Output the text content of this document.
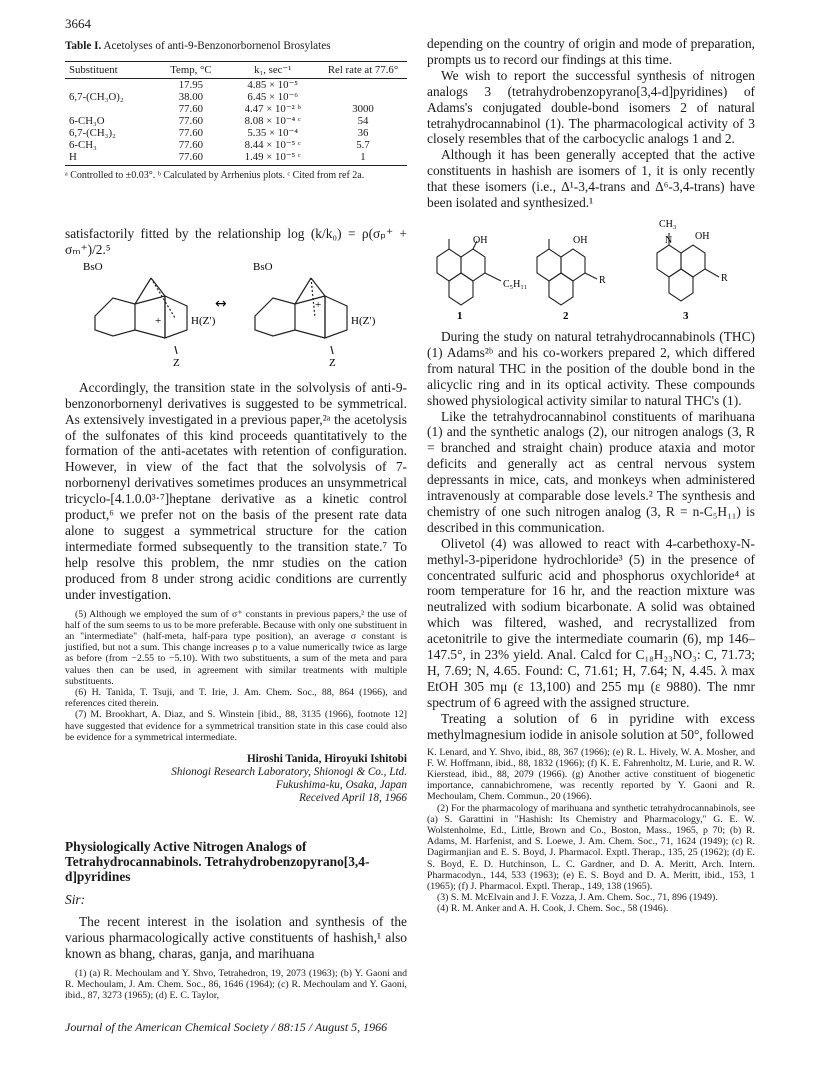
3664
Table I. Acetolyses of anti-9-Benzonorbornenol Brosylates
Substituent	Temp, °C	k₁, sec⁻¹	Rel rate at 77.6°
	17.95	4.85 × 10⁻⁵	
6,7-(CH₃O)₂	38.00	6.45 × 10⁻⁶	
	77.60	4.47 × 10⁻² ᵇ	3000
6-CH₃O	77.60	8.08 × 10⁻⁴ ᶜ	54
6,7-(CH₃)₂	77.60	5.35 × 10⁻⁴	36
6-CH₃	77.60	8.44 × 10⁻⁵ ᶜ	5.7
H	77.60	1.49 × 10⁻⁵ ᶜ	1

ᵃ Controlled to ±0.03°. ᵇ Calculated by Arrhenius plots. ᶜ Cited from ref 2a.

satisfactorily fitted by the relationship log (k/k₀) = ρ(σₚ⁺ + σₘ⁺)/2.⁵

BsO	BsO
+
+
H(Z′)	H(Z′)
Z	Z
↔

Accordingly, the transition state in the solvolysis of anti-9-benzonorbornenyl derivatives is suggested to be symmetrical. As extensively investigated in a previous paper,²ᵃ the acetolysis of the sulfonates of this kind proceeds quantitatively to the formation of the anti-acetates with retention of configuration. However, in view of the fact that the solvolysis of 7-norbornenyl derivatives sometimes produces an unsymmetrical tricyclo-[4.1.0.0³·⁷]heptane derivative as a kinetic control product,⁶ we prefer not on the basis of the present rate data alone to suggest a symmetrical structure for the cation intermediate formed subsequently to the transition state.⁷ To help resolve this problem, the nmr studies on the cation produced from 8 under strong acidic conditions are currently under investigation.

(5) Although we employed the sum of σ⁺ constants in previous papers,² the use of half of the sum seems to us to be more preferable. Because with only one substituent in an "intermediate" (half-meta, half-para type position), an average σ constant is justified, but not a sum. This change increases ρ to a value numerically twice as large as before (from −2.55 to −5.10). With two substituents, a sum of the meta and para values then can be used, in agreement with similar treatments with multiple substituents.

(6) H. Tanida, T. Tsuji, and T. Irie, J. Am. Chem. Soc., 88, 864 (1966), and references cited therein.

(7) M. Brookhart, A. Diaz, and S. Winstein [ibid., 88, 3135 (1966), footnote 12] have suggested that evidence for a symmetrical transition state in this case could also be evidence for a symmetrical intermediate.

Hiroshi Tanida, Hiroyuki Ishitobi
Shionogi Research Laboratory, Shionogi & Co., Ltd.
Fukushima-ku, Osaka, Japan
Received April 18, 1966
Physiologically Active Nitrogen Analogs of Tetrahydrocannabinols. Tetrahydrobenzopyrano[3,4-d]pyridines
Sir:

The recent interest in the isolation and synthesis of the various pharmacologically active constituents of hashish,¹ also known as bhang, charas, ganja, and marihuana

(1) (a) R. Mechoulam and Y. Shvo, Tetrahedron, 19, 2073 (1963); (b) Y. Gaoni and R. Mechoulam, J. Am. Chem. Soc., 86, 1646 (1964); (c) R. Mechoulam and Y. Gaoni, ibid., 87, 3273 (1965); (d) E. C. Taylor,

depending on the country of origin and mode of preparation, prompts us to record our findings at this time.

We wish to report the successful synthesis of nitrogen analogs 3 (tetrahydrobenzopyrano[3,4-d]pyridines) of Adams's conjugated double-bond isomers 2 of natural tetrahydrocannabinol (1). The pharmacological activity of 3 closely resembles that of the carbocyclic analogs 1 and 2.

Although it has been generally accepted that the active constituents in hashish are isomers of 1, it is only recently that these isomers (i.e., Δ¹-3,4-trans and Δ⁶-3,4-trans) have been isolated and synthesized.¹

OH
C₅H₁₁
OH
R
CH₃
N OH
R
1	2	3

During the study on natural tetrahydrocannabinols (THC) (1) Adams²ᵇ and his co-workers prepared 2, which differed from natural THC in the position of the double bond in the alicyclic ring and in its optical activity. These compounds showed physiological activity similar to natural THC's (1).

Like the tetrahydrocannabinol constituents of marihuana (1) and the synthetic analogs (2), our nitrogen analogs (3, R = branched and straight chain) produce ataxia and motor deficits and generally act as central nervous system depressants in mice, cats, and monkeys when administered intravenously at comparable dose levels.² The synthesis and chemistry of one such nitrogen analog (3, R = n-C₅H₁₁) is described in this communication.

Olivetol (4) was allowed to react with 4-carbethoxy-N-methyl-3-piperidone hydrochloride³ (5) in the presence of concentrated sulfuric acid and phosphorus oxychloride⁴ at room temperature for 16 hr, and the reaction mixture was neutralized with sodium bicarbonate. A solid was obtained which was filtered, washed, and recrystallized from acetonitrile to give the intermediate coumarin (6), mp 146–147.5°, in 23% yield. Anal. Calcd for C₁₈H₂₃NO₃: C, 71.73; H, 7.69; N, 4.65. Found: C, 71.61; H, 7.64; N, 4.45. λ max EtOH 305 mμ (ε 13,100) and 255 mμ (ε 9880). The nmr spectrum of 6 agreed with the assigned structure.

Treating a solution of 6 in pyridine with excess methylmagnesium iodide in anisole solution at 50°, followed

K. Lenard, and Y. Shvo, ibid., 88, 367 (1966); (e) R. L. Hively, W. A. Mosher, and F. W. Hoffmann, ibid., 88, 1832 (1966); (f) K. E. Fahrenholtz, M. Lurie, and R. W. Kierstead, ibid., 88, 2079 (1966). (g) Another active constituent of biogenetic importance, cannabichromene, was recently reported by Y. Gaoni and R. Mechoulam, Chem. Commun., 20 (1966).

(2) For the pharmacology of marihuana and synthetic tetrahydrocannabinols, see (a) S. Garattini in "Hashish: Its Chemistry and Pharmacology," G. E. W. Wolstenholme, Ed., Little, Brown and Co., Boston, Mass., 1965, p 70; (b) R. Adams, M. Harfenist, and S. Loewe, J. Am. Chem. Soc., 71, 1624 (1949); (c) R. Dagirmanjian and E. S. Boyd, J. Pharmacol. Exptl. Therap., 135, 25 (1962); (d) E. S. Boyd, E. D. Hutchinson, L. C. Gardner, and D. A. Meritt, Arch. Intern. Pharmacodyn., 144, 533 (1963); (e) E. S. Boyd and D. A. Meritt, ibid., 153, 1 (1965); (f) J. Pharmacol. Exptl. Therap., 149, 138 (1965).

(3) S. M. McElvain and J. F. Vozza, J. Am. Chem. Soc., 71, 896 (1949).

(4) R. M. Anker and A. H. Cook, J. Chem. Soc., 58 (1946).

Journal of the American Chemical Society / 88:15 / August 5, 1966
